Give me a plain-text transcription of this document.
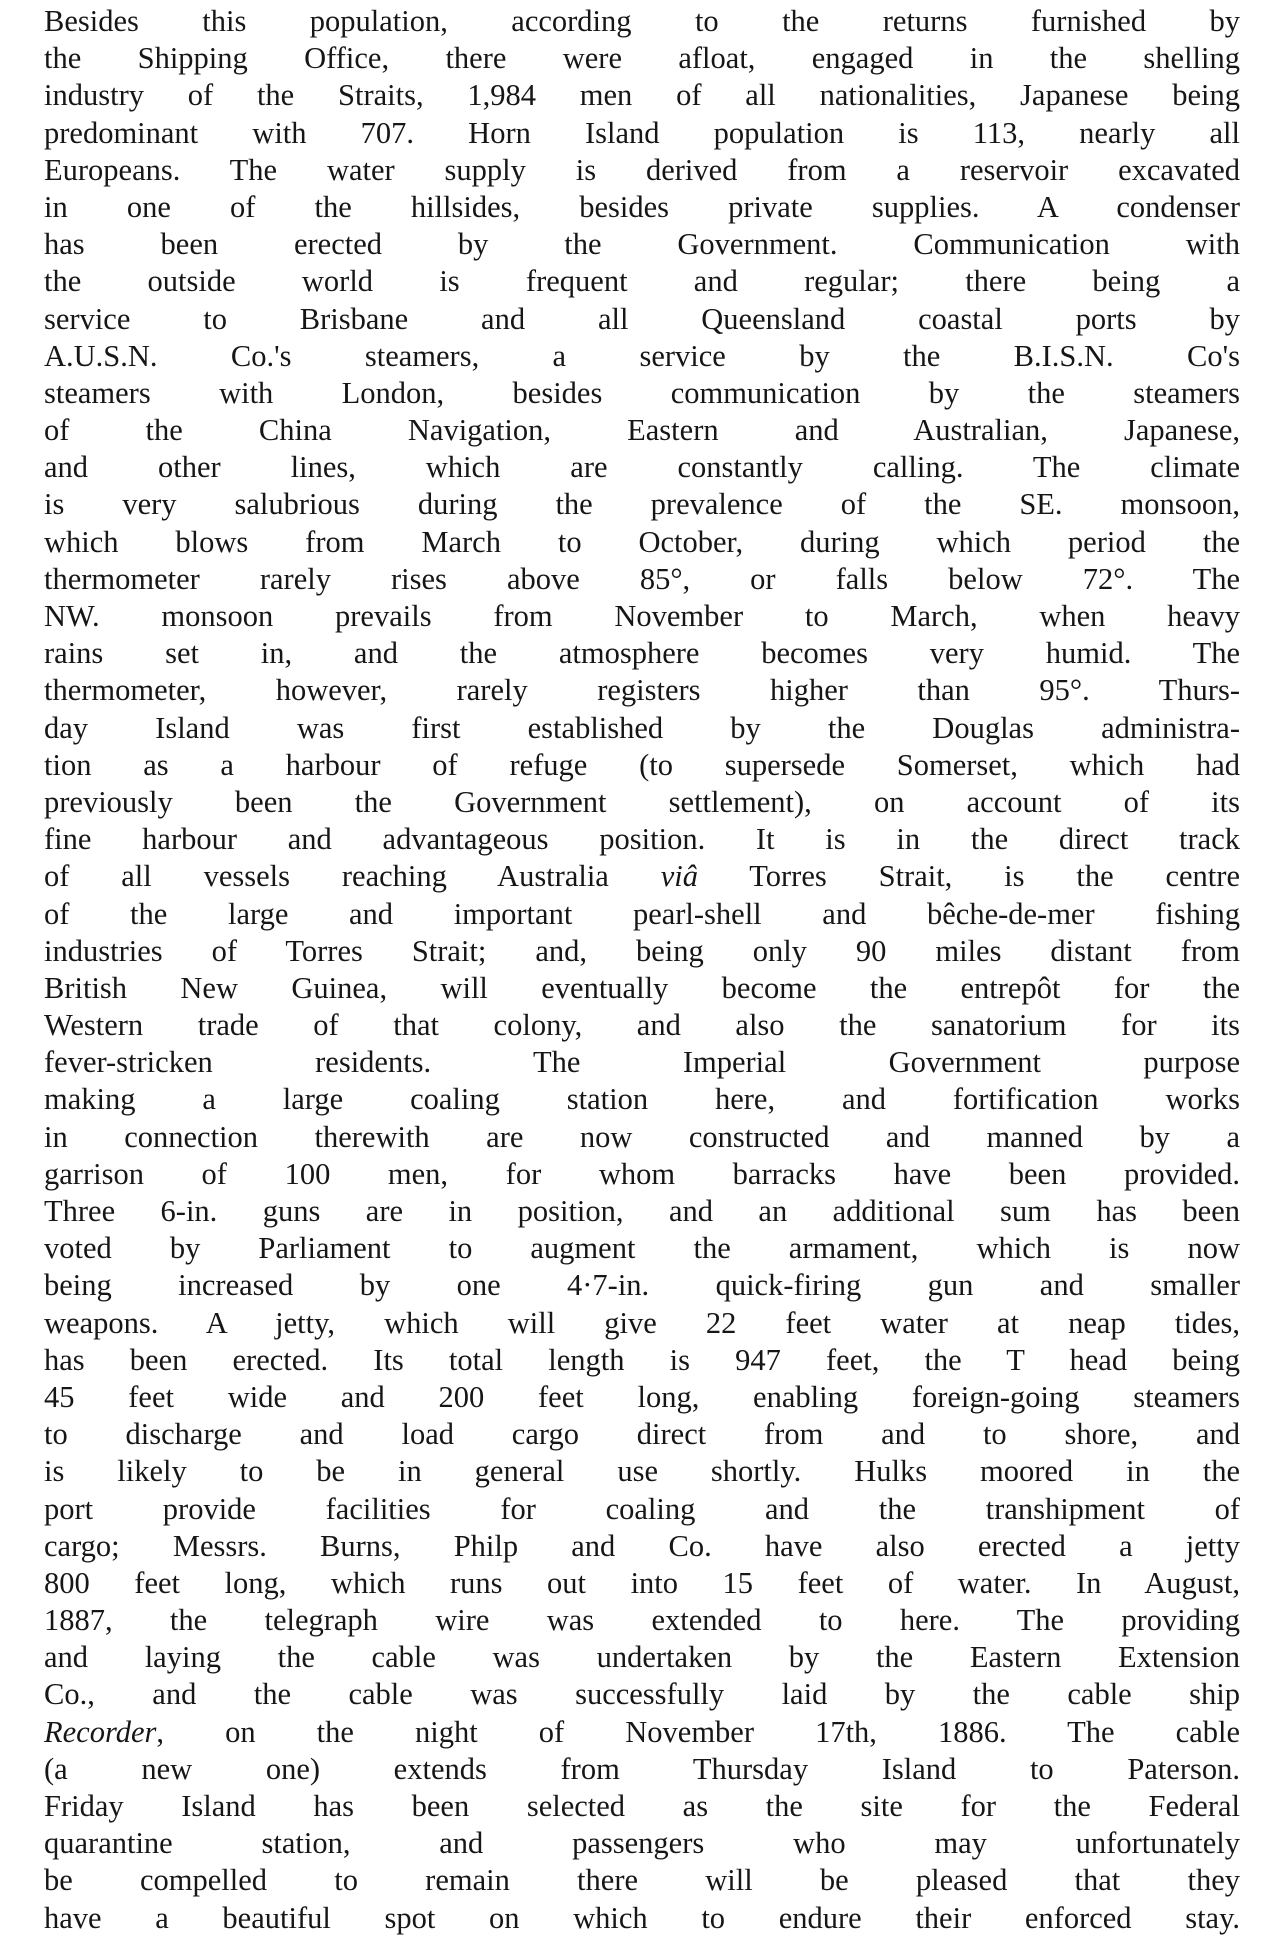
Besides this population, according to the returns furnished by
the Shipping Office, there were afloat, engaged in the shelling
industry of the Straits, 1,984 men of all nationalities, Japanese being
predominant with 707. Horn Island population is 113, nearly all
Europeans. The water supply is derived from a reservoir excavated
in one of the hillsides, besides private supplies. A condenser
has been erected by the Government. Communication with
the outside world is frequent and regular; there being a
service to Brisbane and all Queensland coastal ports by
A.U.S.N. Co.'s steamers, a service by the B.I.S.N. Co's
steamers with London, besides communication by the steamers
of the China Navigation, Eastern and Australian, Japanese,
and other lines, which are constantly calling. The climate
is very salubrious during the prevalence of the SE. monsoon,
which blows from March to October, during which period the
thermometer rarely rises above 85°, or falls below 72°. The
NW. monsoon prevails from November to March, when heavy
rains set in, and the atmosphere becomes very humid. The
thermometer, however, rarely registers higher than 95°. Thurs-
day Island was first established by the Douglas administra-
tion as a harbour of refuge (to supersede Somerset, which had
previously been the Government settlement), on account of its
fine harbour and advantageous position. It is in the direct track
of all vessels reaching Australia viâ Torres Strait, is the centre
of the large and important pearl-shell and bêche-de-mer fishing
industries of Torres Strait; and, being only 90 miles distant from
British New Guinea, will eventually become the entrepôt for the
Western trade of that colony, and also the sanatorium for its
fever-stricken residents. The Imperial Government purpose
making a large coaling station here, and fortification works
in connection therewith are now constructed and manned by a
garrison of 100 men, for whom barracks have been provided.
Three 6-in. guns are in position, and an additional sum has been
voted by Parliament to augment the armament, which is now
being increased by one 4·7-in. quick-firing gun and smaller
weapons. A jetty, which will give 22 feet water at neap tides,
has been erected. Its total length is 947 feet, the T head being
45 feet wide and 200 feet long, enabling foreign-going steamers
to discharge and load cargo direct from and to shore, and
is likely to be in general use shortly. Hulks moored in the
port provide facilities for coaling and the transhipment of
cargo; Messrs. Burns, Philp and Co. have also erected a jetty
800 feet long, which runs out into 15 feet of water. In August,
1887, the telegraph wire was extended to here. The providing
and laying the cable was undertaken by the Eastern Extension
Co., and the cable was successfully laid by the cable ship
Recorder, on the night of November 17th, 1886. The cable
(a new one) extends from Thursday Island to Paterson.
Friday Island has been selected as the site for the Federal
quarantine station, and passengers who may unfortunately
be compelled to remain there will be pleased that they
have a beautiful spot on which to endure their enforced stay.
